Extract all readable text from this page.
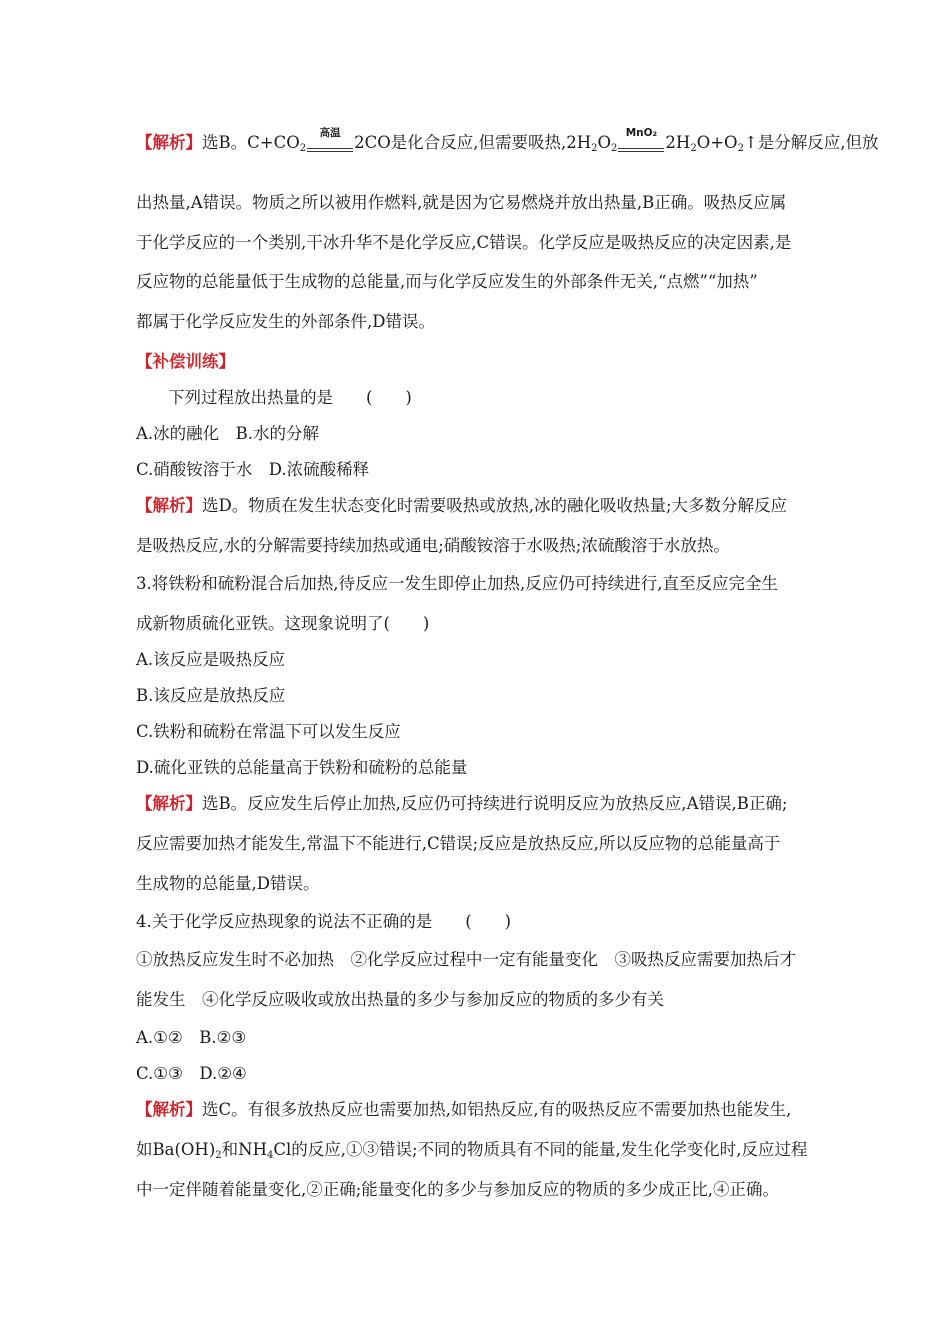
【解析】选B。$C+CO_2$
高温 2CO是化合反应,但需要吸热$,2H_2O_2$
MnO₂ $2H_2O+O_2↑$是分解反应,但放
出热量,A错误。物质之所以被用作燃料,就是因为它易燃烧并放出热量,B正确。吸热反应属
于化学反应的一个类别,干冰升华不是化学反应,C错误。化学反应是吸热反应的决定因素,是
反应物的总能量低于生成物的总能量,而与化学反应发生的外部条件无关,“点燃”“加热”
都属于化学反应发生的外部条件,D错误。
【补偿训练】
下列过程放出热量的是　　(　　)
A.冰的融化　B.水的分解
C.硝酸铵溶于水　D.浓硫酸稀释
【解析】选D。物质在发生状态变化时需要吸热或放热,冰的融化吸收热量;大多数分解反应
是吸热反应,水的分解需要持续加热或通电;硝酸铵溶于水吸热;浓硫酸溶于水放热。
3.将铁粉和硫粉混合后加热,待反应一发生即停止加热,反应仍可持续进行,直至反应完全生
成新物质硫化亚铁。这现象说明了(　　)
A.该反应是吸热反应
B.该反应是放热反应
C.铁粉和硫粉在常温下可以发生反应
D.硫化亚铁的总能量高于铁粉和硫粉的总能量
【解析】选B。反应发生后停止加热,反应仍可持续进行说明反应为放热反应,A错误,B正确;
反应需要加热才能发生,常温下不能进行,C错误;反应是放热反应,所以反应物的总能量高于
生成物的总能量,D错误。
4.关于化学反应热现象的说法不正确的是　　(　　)
①放热反应发生时不必加热　②化学反应过程中一定有能量变化　③吸热反应需要加热后才
能发生　④化学反应吸收或放出热量的多少与参加反应的物质的多少有关
A.①②　B.②③
C.①③　D.②④
【解析】选C。有很多放热反应也需要加热,如铝热反应,有的吸热反应不需要加热也能发生,
如$Ba(OH)_2$和$NH_4Cl$的反应,①③错误;不同的物质具有不同的能量,发生化学变化时,反应过程
中一定伴随着能量变化,②正确;能量变化的多少与参加反应的物质的多少成正比,④正确。
